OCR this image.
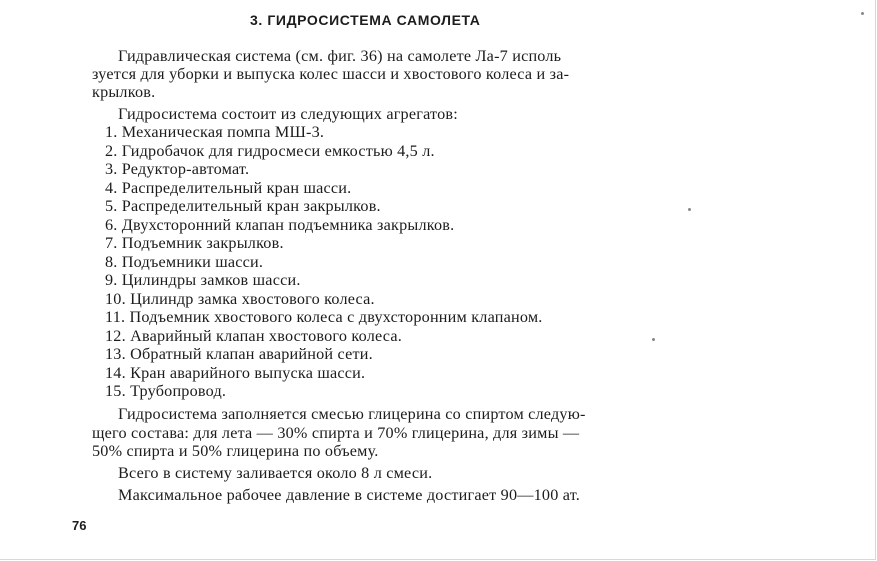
3. ГИДРОСИСТЕМА САМОЛЕТА
Гидравлическая система (см. фиг. 36) на самолете Ла-7 исполь
зуется для уборки и выпуска колес шасси и хвостового колеса и за-
крылков.
Гидросистема состоит из следующих агрегатов:
1. Механическая помпа МШ-3.
2. Гидробачок для гидросмеси емкостью 4,5 л.
3. Редуктор-автомат.
4. Распределительный кран шасси.
5. Распределительный кран закрылков.
6. Двухсторонний клапан подъемника закрылков.
7. Подъемник закрылков.
8. Подъемники шасси.
9. Цилиндры замков шасси.
10. Цилиндр замка хвостового колеса.
11. Подъемник хвостового колеса с двухсторонним клапаном.
12. Аварийный клапан хвостового колеса.
13. Обратный клапан аварийной сети.
14. Кран аварийного выпуска шасси.
15. Трубопровод.
Гидросистема заполняется смесью глицерина со спиртом следую-
щего состава: для лета — 30% спирта и 70% глицерина, для зимы —
50% спирта и 50% глицерина по объему.
Всего в систему заливается около 8 л смеси.
Максимальное рабочее давление в системе достигает 90—100 ат.
76
